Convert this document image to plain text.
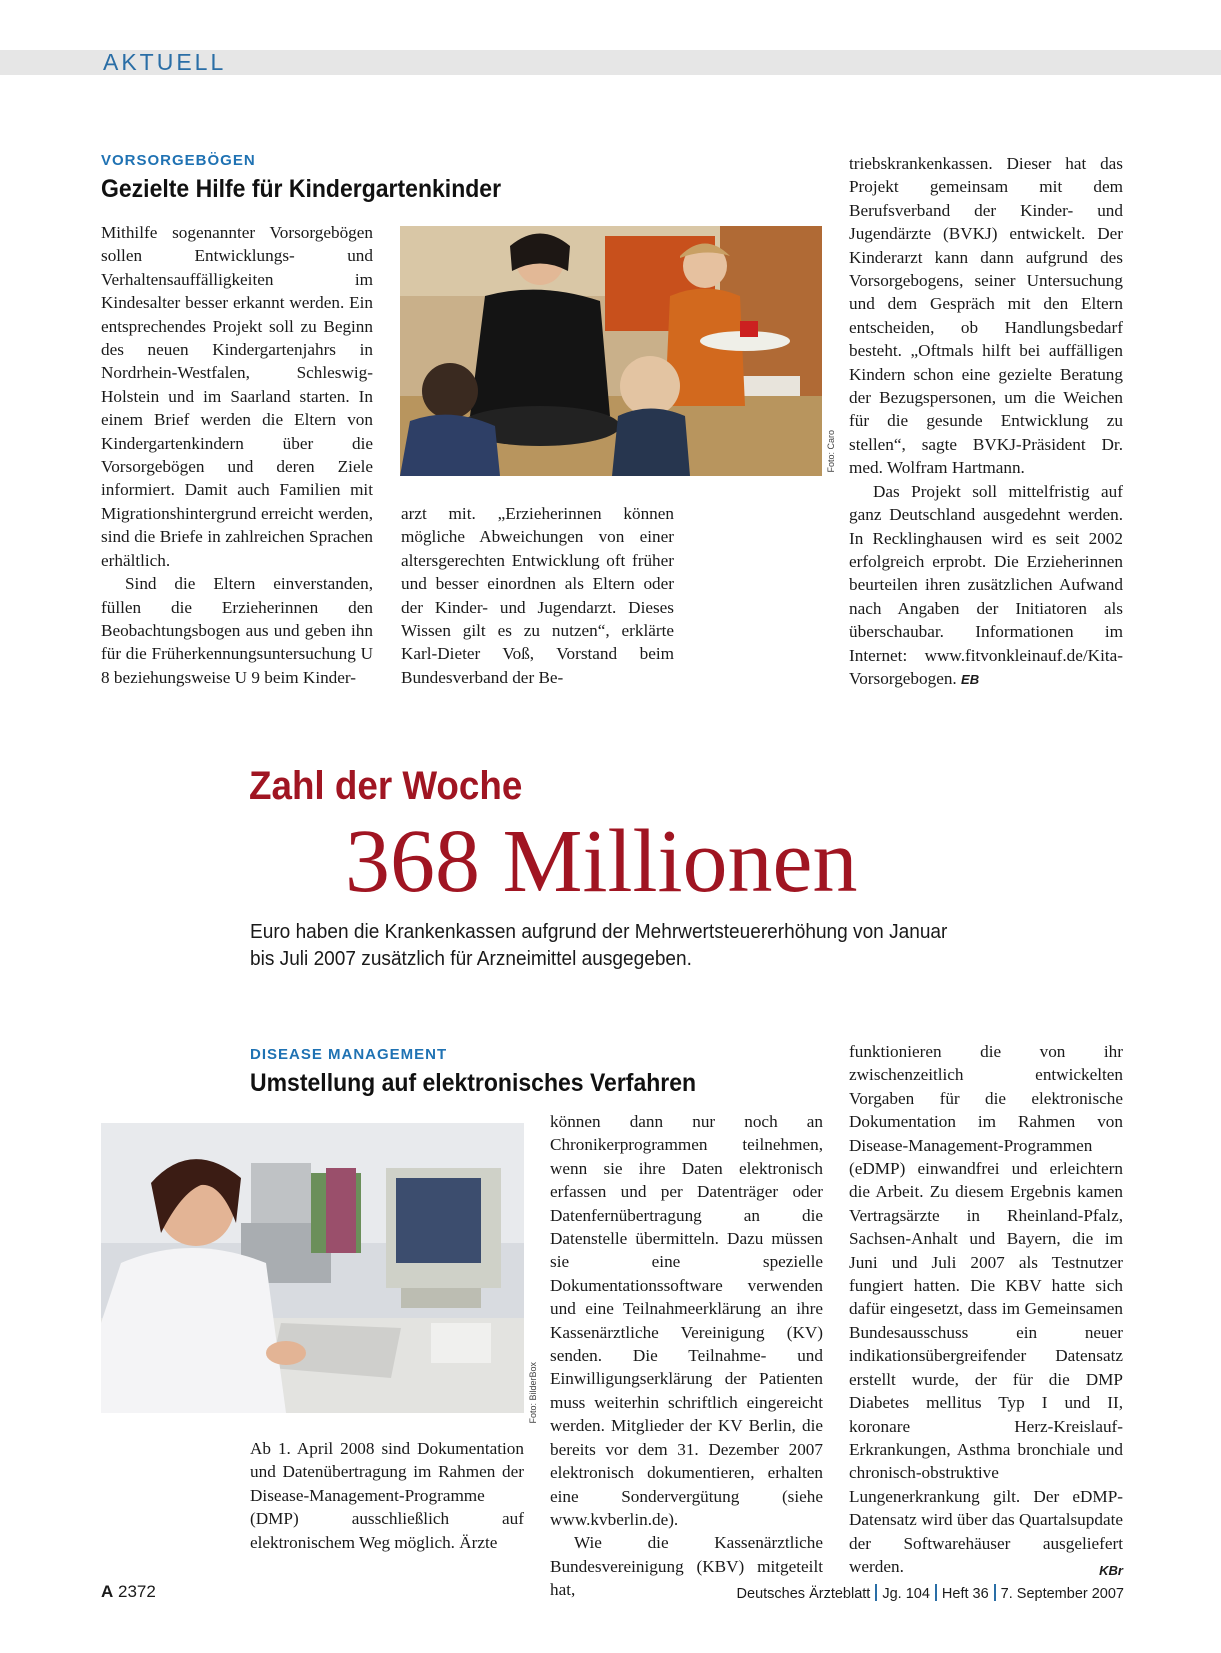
AKTUELL
VORSORGEBÖGEN
Gezielte Hilfe für Kindergartenkinder

Mithilfe sogenannter Vorsorgebögen sollen Entwicklungs- und Verhaltensauffälligkeiten im Kindesalter besser erkannt werden. Ein entsprechendes Projekt soll zu Beginn des neuen Kindergartenjahrs in Nordrhein-Westfalen, Schleswig-Holstein und im Saarland starten. In einem Brief werden die Eltern von Kindergartenkindern über die Vorsorgebögen und deren Ziele informiert. Damit auch Familien mit Migrationshintergrund erreicht werden, sind die Briefe in zahlreichen Sprachen erhältlich.

Sind die Eltern einverstanden, füllen die Erzieherinnen den Beobachtungsbogen aus und geben ihn für die Früherkennungsuntersuchung U 8 beziehungsweise U 9 beim Kinder-

Foto: Caro

arzt mit. „Erzieherinnen können mögliche Abweichungen von einer altersgerechten Entwicklung oft früher und besser einordnen als Eltern oder der Kinder- und Jugendarzt. Dieses Wissen gilt es zu nutzen“, erklärte Karl-Dieter Voß, Vorstand beim Bundesverband der Be-

triebskrankenkassen. Dieser hat das Projekt gemeinsam mit dem Berufsverband der Kinder- und Jugendärzte (BVKJ) entwickelt. Der Kinderarzt kann dann aufgrund des Vorsorgebogens, seiner Untersuchung und dem Gespräch mit den Eltern entscheiden, ob Handlungsbedarf besteht. „Oftmals hilft bei auffälligen Kindern schon eine gezielte Beratung der Bezugspersonen, um die Weichen für die gesunde Entwicklung zu stellen“, sagte BVKJ-Präsident Dr. med. Wolfram Hartmann.

Das Projekt soll mittelfristig auf ganz Deutschland ausgedehnt werden. In Recklinghausen wird es seit 2002 erfolgreich erprobt. Die Erzieherinnen beurteilen ihren zusätzlichen Aufwand nach Angaben der Initiatoren als überschaubar. Informationen im Internet: www.fitvonkleinauf.de/Kita-Vorsorgebogen. EB

Zahl der Woche
368 Millionen
Euro haben die Krankenkassen aufgrund der Mehrwertsteuererhöhung von Januar bis Juli 2007 zusätzlich für Arzneimittel ausgegeben.
DISEASE MANAGEMENT
Umstellung auf elektronisches Verfahren
Foto: BilderBox

Ab 1. April 2008 sind Dokumentation und Datenübertragung im Rahmen der Disease-Management-Programme (DMP) ausschließlich auf elektronischem Weg möglich. Ärzte

können dann nur noch an Chronikerprogrammen teilnehmen, wenn sie ihre Daten elektronisch erfassen und per Datenträger oder Datenfernübertragung an die Datenstelle übermitteln. Dazu müssen sie eine spezielle Dokumentationssoftware verwenden und eine Teilnahmeerklärung an ihre Kassenärztliche Vereinigung (KV) senden. Die Teilnahme- und Einwilligungserklärung der Patienten muss weiterhin schriftlich eingereicht werden. Mitglieder der KV Berlin, die bereits vor dem 31. Dezember 2007 elektronisch dokumentieren, erhalten eine Sondervergütung (siehe www.kvberlin.de).

Wie die Kassenärztliche Bundesvereinigung (KBV) mitgeteilt hat,

funktionieren die von ihr zwischenzeitlich entwickelten Vorgaben für die elektronische Dokumentation im Rahmen von Disease-Management-Programmen (eDMP) einwandfrei und erleichtern die Arbeit. Zu diesem Ergebnis kamen Vertragsärzte in Rheinland-Pfalz, Sachsen-Anhalt und Bayern, die im Juni und Juli 2007 als Testnutzer fungiert hatten. Die KBV hatte sich dafür eingesetzt, dass im Gemeinsamen Bundesausschuss ein neuer indikationsübergreifender Datensatz erstellt wurde, der für die DMP Diabetes mellitus Typ I und II, koronare Herz-Kreislauf-Erkrankungen, Asthma bronchiale und chronisch-obstruktive Lungenerkrankung gilt. Der eDMP-Datensatz wird über das Quartalsupdate der Softwarehäuser ausgeliefert werden.	KBr

A 2372	Deutsches Ärzteblatt Jg. 104 Heft 36 7. September 2007
